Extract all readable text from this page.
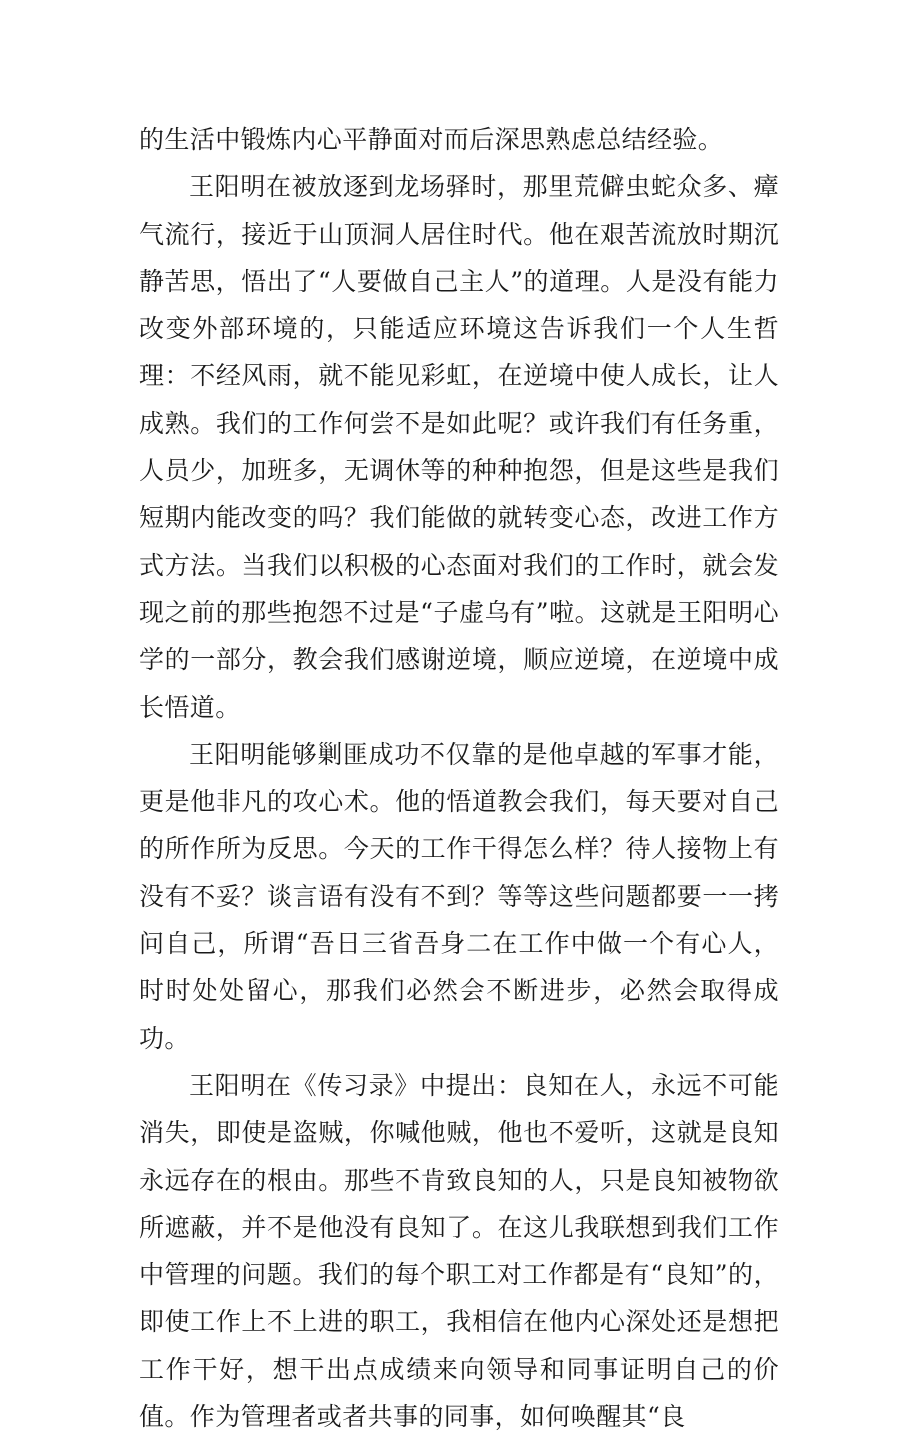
的生活中锻炼内心平静面对而后深思熟虑总结经验。

王阳明在被放逐到龙场驿时，那里荒僻虫蛇众多、瘴气流行，接近于山顶洞人居住时代。他在艰苦流放时期沉静苦思，悟出了“人要做自己主人”的道理。人是没有能力改变外部环境的，只能适应环境这告诉我们一个人生哲理：不经风雨，就不能见彩虹，在逆境中使人成长，让人成熟。我们的工作何尝不是如此呢？或许我们有任务重，人员少，加班多，无调休等的种种抱怨，但是这些是我们短期内能改变的吗？我们能做的就转变心态，改进工作方式方法。当我们以积极的心态面对我们的工作时，就会发现之前的那些抱怨不过是“子虚乌有”啦。这就是王阳明心学的一部分，教会我们感谢逆境，顺应逆境，在逆境中成长悟道。

王阳明能够剿匪成功不仅靠的是他卓越的军事才能，更是他非凡的攻心术。他的悟道教会我们，每天要对自己的所作所为反思。今天的工作干得怎么样？待人接物上有没有不妥？谈言语有没有不到？等等这些问题都要一一拷问自己，所谓“吾日三省吾身二在工作中做一个有心人，时时处处留心，那我们必然会不断进步，必然会取得成功。

王阳明在《传习录》中提出：良知在人，永远不可能消失，即使是盗贼，你喊他贼，他也不爱听，这就是良知永远存在的根由。那些不肯致良知的人，只是良知被物欲所遮蔽，并不是他没有良知了。在这儿我联想到我们工作中管理的问题。我们的每个职工对工作都是有“良知”的，即使工作上不上进的职工，我相信在他内心深处还是想把工作干好，想干出点成绩来向领导和同事证明自己的价值。作为管理者或者共事的同事，如何唤醒其“良
